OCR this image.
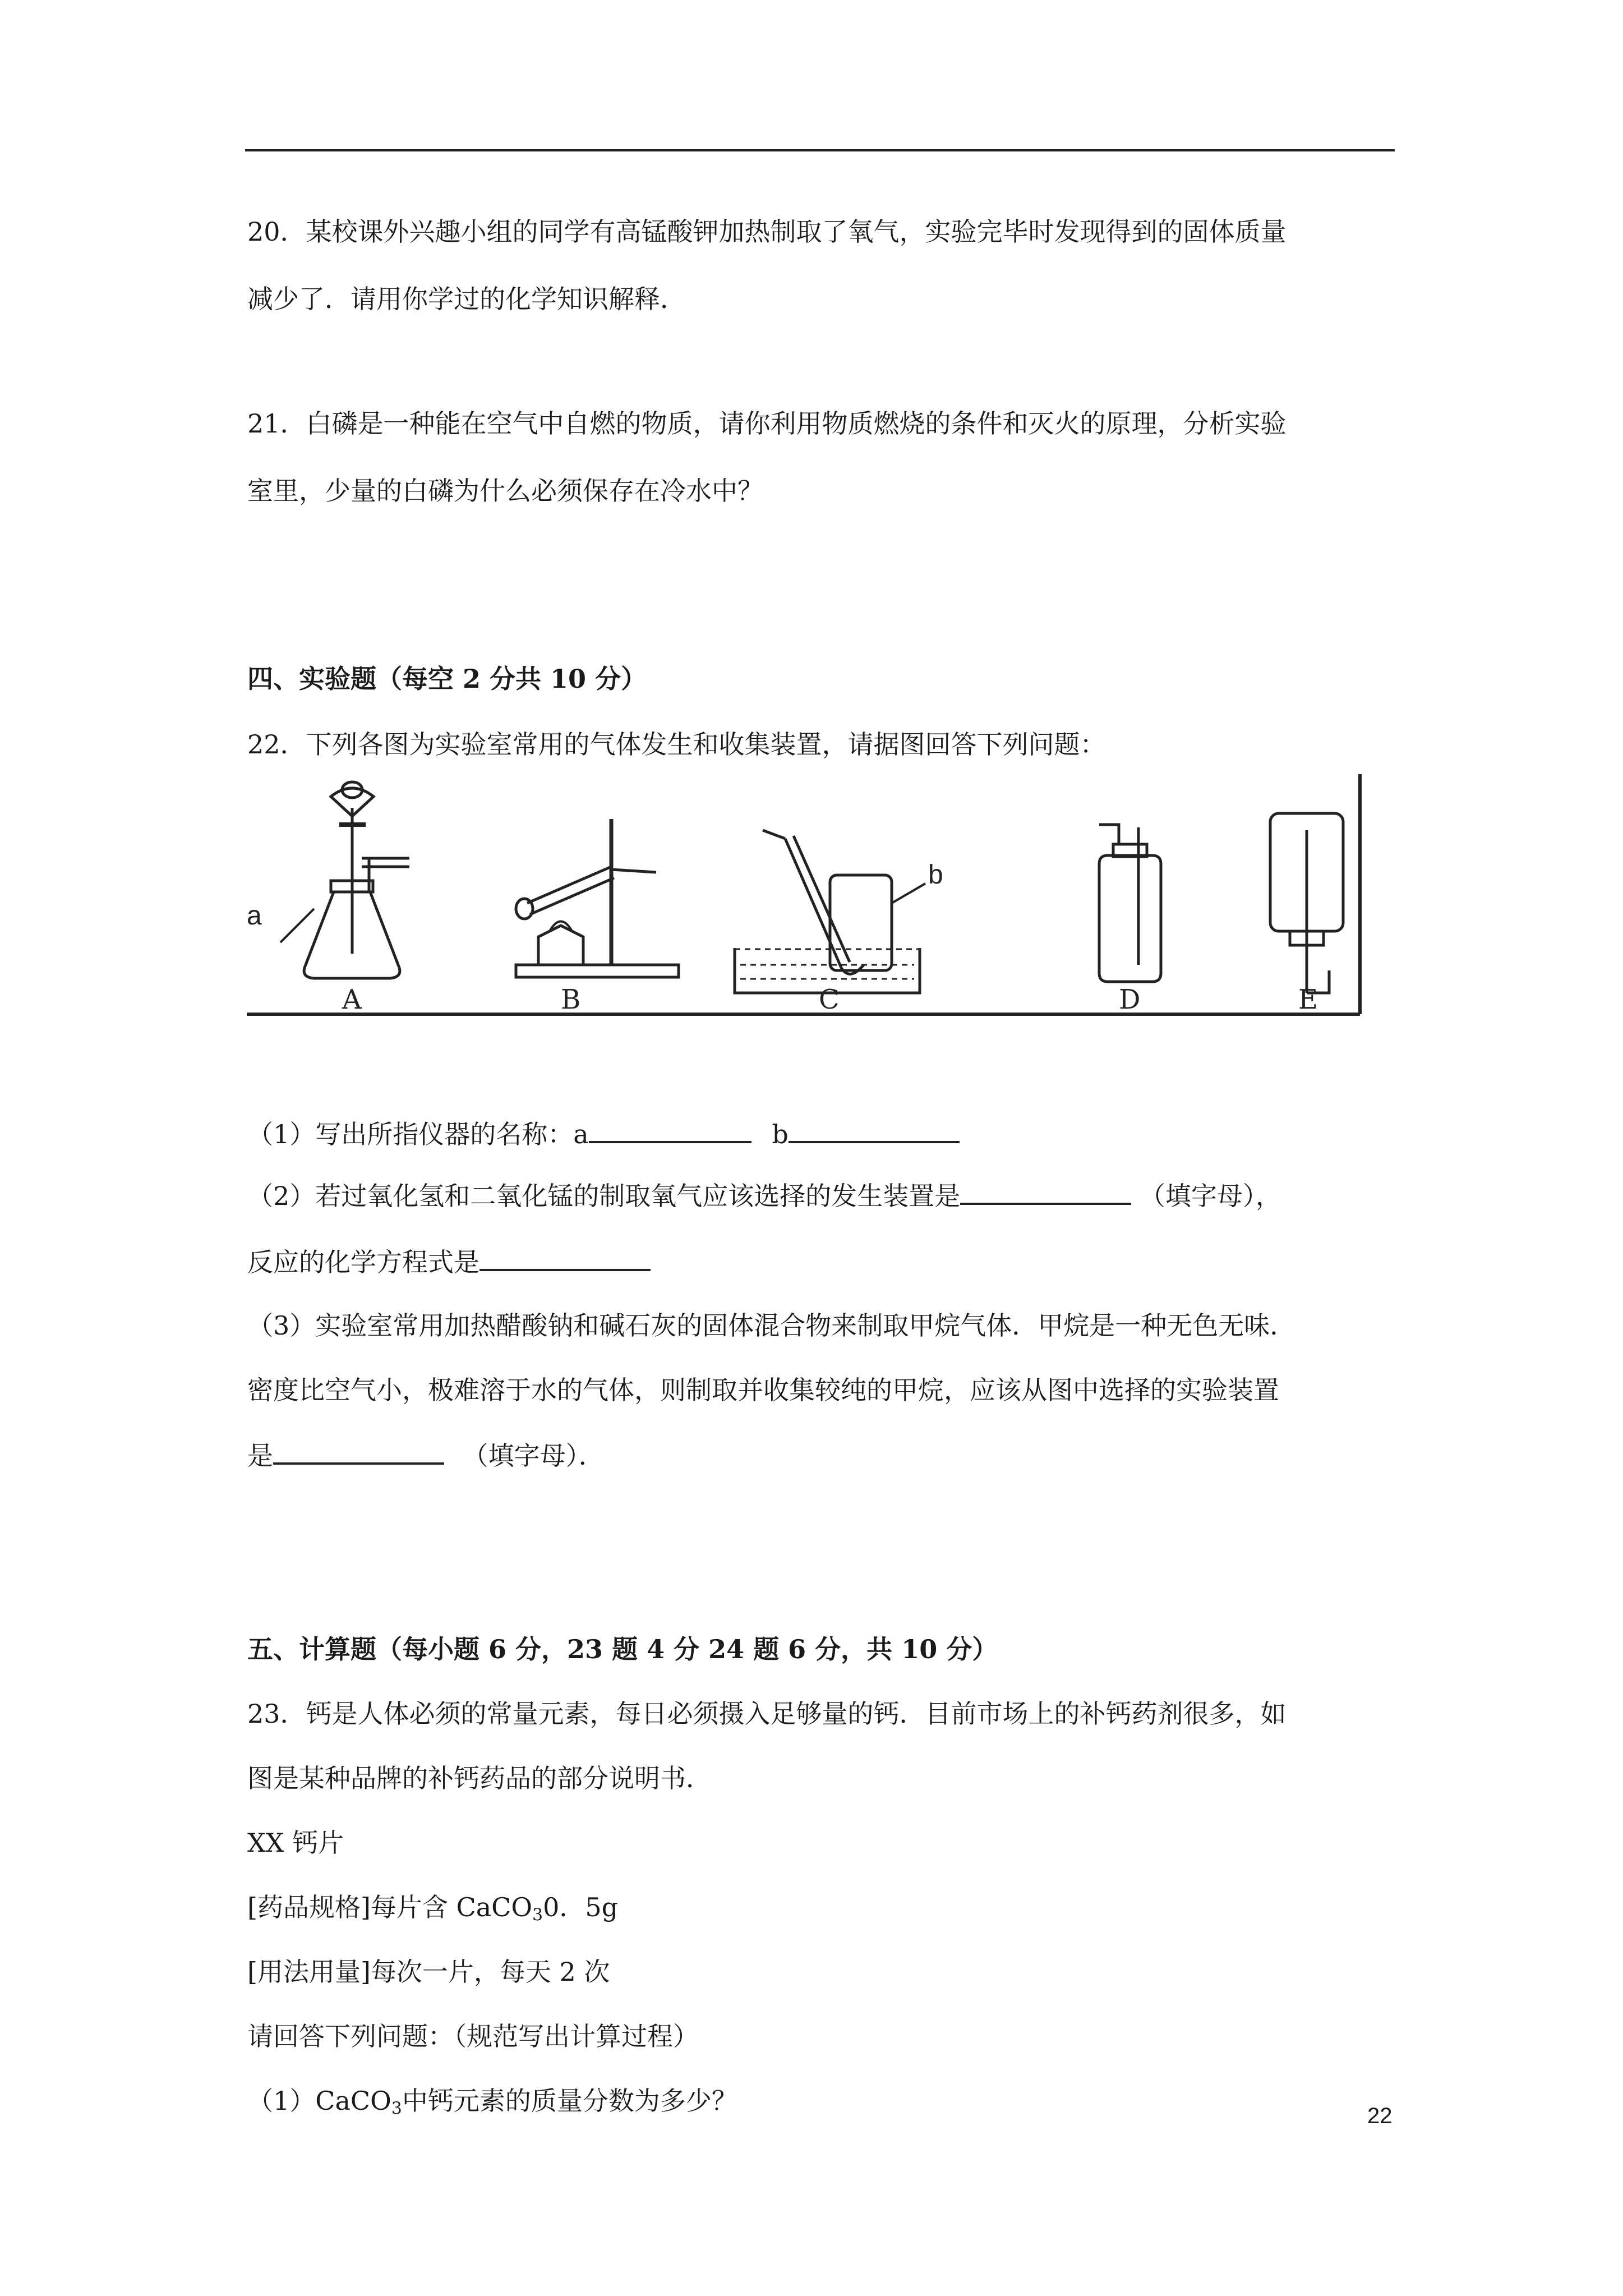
20．某校课外兴趣小组的同学有高锰酸钾加热制取了氧气，实验完毕时发现得到的固体质量
减少了．请用你学过的化学知识解释．
21．白磷是一种能在空气中自燃的物质，请你利用物质燃烧的条件和灭火的原理，分析实验
室里，少量的白磷为什么必须保存在冷水中？
四、实验题（每空 2 分共 10 分）
22．下列各图为实验室常用的气体发生和收集装置，请据图回答下列问题：
a
b
A	B	C	D	E
（1）写出所指仪器的名称：a	b
（2）若过氧化氢和二氧化锰的制取氧气应该选择的发生装置是	（填字母），
反应的化学方程式是
（3）实验室常用加热醋酸钠和碱石灰的固体混合物来制取甲烷气体．甲烷是一种无色无味．
密度比空气小，极难溶于水的气体，则制取并收集较纯的甲烷，应该从图中选择的实验装置
是	（填字母）．
五、计算题（每小题 6 分，23 题 4 分 24 题 6 分，共 10 分）
23．钙是人体必须的常量元素，每日必须摄入足够量的钙．目前市场上的补钙药剂很多，如
图是某种品牌的补钙药品的部分说明书．
XX 钙片
[药品规格]每片含 CaCO$_3$0．5g
[用法用量]每次一片，每天 2 次
请回答下列问题：（规范写出计算过程）
（1）CaCO$_3$中钙元素的质量分数为多少？	22
